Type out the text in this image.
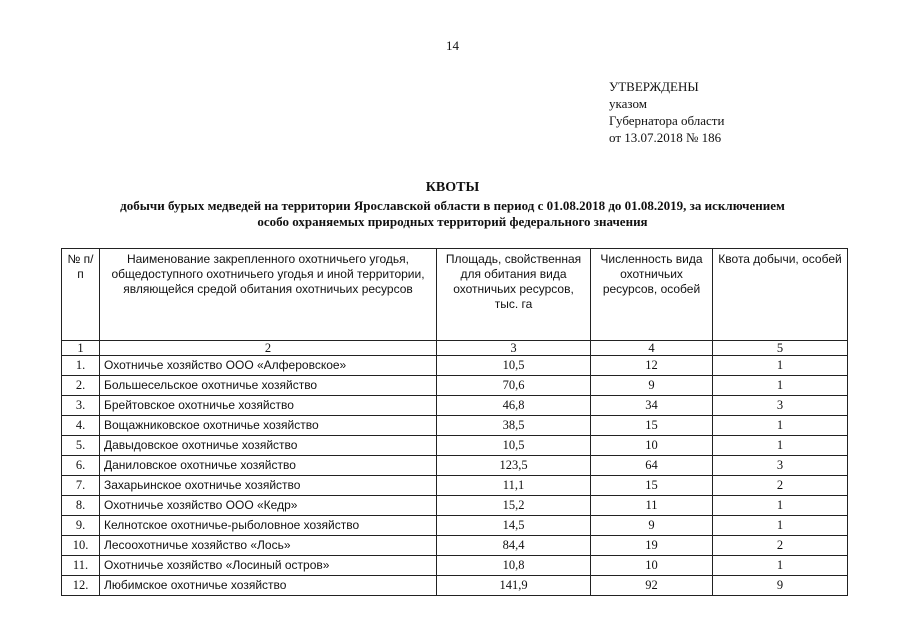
14
УТВЕРЖДЕНЫ
указом
Губернатора области
от 13.07.2018 № 186
КВОТЫ
добычи бурых медведей на территории Ярославской области в период с 01.08.2018 до 01.08.2019, за исключением
особо охраняемых природных территорий федерального значения
№ п/п	Наименование закрепленного охотничьего угодья, общедоступного охотничьего угодья и иной территории, являющейся средой обитания охотничьих ресурсов	Площадь, свойственная для обитания вида охотничьих ресурсов, тыс. га	Численность вида охотничьих ресурсов, особей	Квота добычи, особей
1	2	3	4	5
1.	Охотничье хозяйство ООО «Алферовское»	10,5	12	1
2.	Большесельское охотничье хозяйство	70,6	9	1
3.	Брейтовское охотничье хозяйство	46,8	34	3
4.	Вощажниковское охотничье хозяйство	38,5	15	1
5.	Давыдовское охотничье хозяйство	10,5	10	1
6.	Даниловское охотничье хозяйство	123,5	64	3
7.	Захарьинское охотничье хозяйство	11,1	15	2
8.	Охотничье хозяйство ООО «Кедр»	15,2	11	1
9.	Келнотское охотничье-рыболовное хозяйство	14,5	9	1
10.	Лесоохотничье хозяйство «Лось»	84,4	19	2
11.	Охотничье хозяйство «Лосиный остров»	10,8	10	1
12.	Любимское охотничье хозяйство	141,9	92	9
